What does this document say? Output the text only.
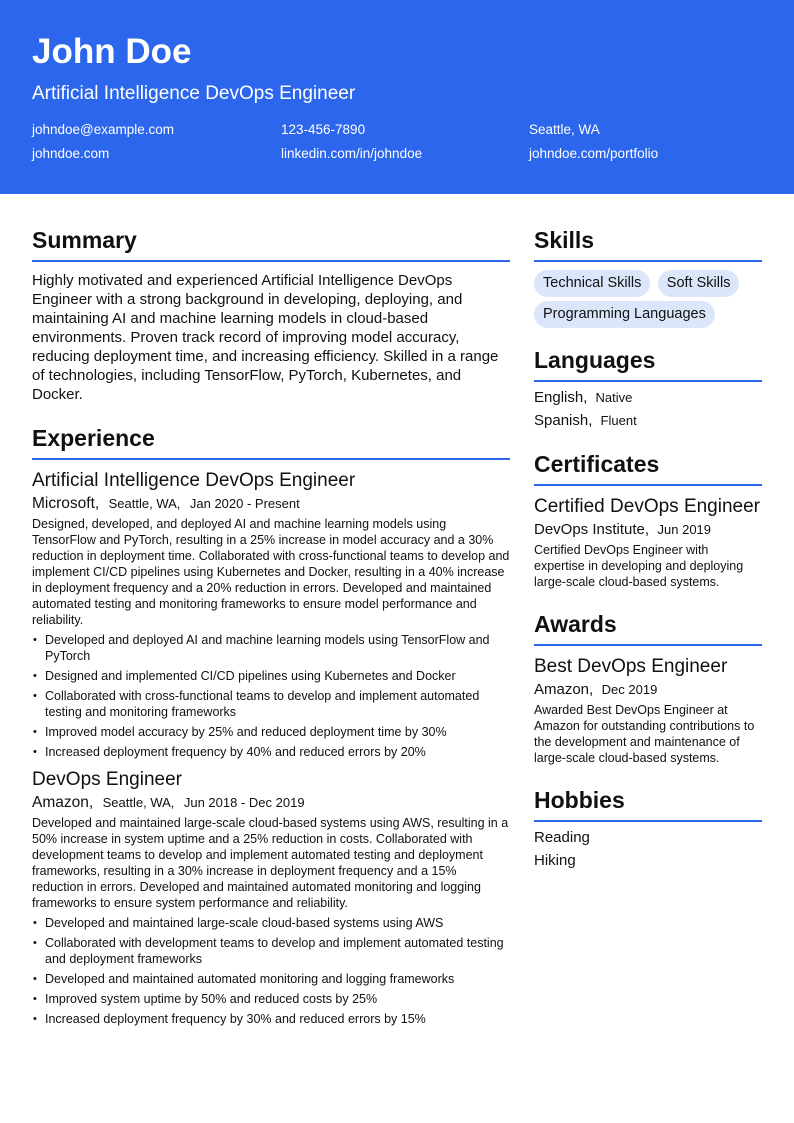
John Doe
Artificial Intelligence DevOps Engineer
johndoe@example.com	123-456-7890	Seattle, WA
johndoe.com	linkedin.com/in/johndoe	johndoe.com/portfolio
Summary

Highly motivated and experienced Artificial Intelligence DevOps Engineer with a strong background in developing, deploying, and maintaining AI and machine learning models in cloud-based environments. Proven track record of improving model accuracy, reducing deployment time, and increasing efficiency. Skilled in a range of technologies, including TensorFlow, PyTorch, Kubernetes, and Docker.

Experience
Artificial Intelligence DevOps Engineer
Microsoft, Seattle, WA, Jan 2020 - Present

Designed, developed, and deployed AI and machine learning models using TensorFlow and PyTorch, resulting in a 25% increase in model accuracy and a 30% reduction in deployment time. Collaborated with cross-functional teams to develop and implement CI/CD pipelines using Kubernetes and Docker, resulting in a 40% increase in deployment frequency and a 20% reduction in errors. Developed and maintained automated testing and monitoring frameworks to ensure model performance and reliability.

• Developed and deployed AI and machine learning models using TensorFlow and PyTorch
• Designed and implemented CI/CD pipelines using Kubernetes and Docker
• Collaborated with cross-functional teams to develop and implement automated testing and monitoring frameworks
• Improved model accuracy by 25% and reduced deployment time by 30%
• Increased deployment frequency by 40% and reduced errors by 20%
DevOps Engineer
Amazon, Seattle, WA, Jun 2018 - Dec 2019

Developed and maintained large-scale cloud-based systems using AWS, resulting in a 50% increase in system uptime and a 25% reduction in costs. Collaborated with development teams to develop and implement automated testing and deployment frameworks, resulting in a 30% increase in deployment frequency and a 15% reduction in errors. Developed and maintained automated monitoring and logging frameworks to ensure system performance and reliability.

• Developed and maintained large-scale cloud-based systems using AWS
• Collaborated with development teams to develop and implement automated testing and deployment frameworks
• Developed and maintained automated monitoring and logging frameworks
• Improved system uptime by 50% and reduced costs by 25%
• Increased deployment frequency by 30% and reduced errors by 15%
Skills
Technical Skills Soft Skills Programming Languages
Languages
English, Native
Spanish, Fluent
Certificates
Certified DevOps Engineer
DevOps Institute, Jun 2019

Certified DevOps Engineer with expertise in developing and deploying large-scale cloud-based systems.

Awards
Best DevOps Engineer
Amazon, Dec 2019

Awarded Best DevOps Engineer at Amazon for outstanding contributions to the development and maintenance of large-scale cloud-based systems.

Hobbies
Reading
Hiking
